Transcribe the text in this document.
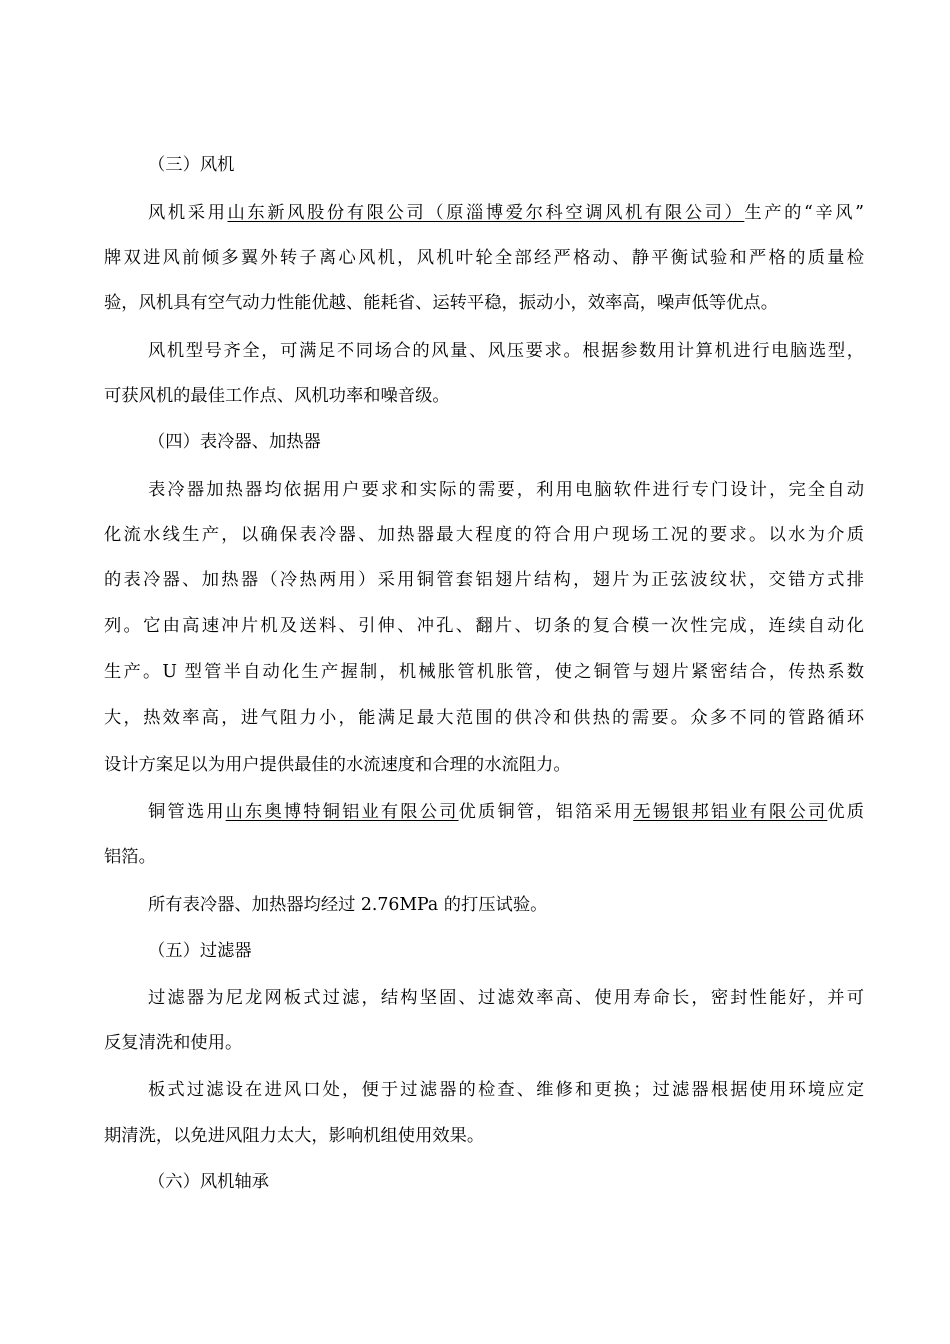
（三）风机
风机采用山东新风股份有限公司（原淄博爱尔科空调风机有限公司）生产的“辛风”
牌双进风前倾多翼外转子离心风机，风机叶轮全部经严格动、静平衡试验和严格的质量检
验，风机具有空气动力性能优越、能耗省、运转平稳，振动小，效率高，噪声低等优点。
风机型号齐全，可满足不同场合的风量、风压要求。根据参数用计算机进行电脑选型，
可获风机的最佳工作点、风机功率和噪音级。
（四）表冷器、加热器
表冷器加热器均依据用户要求和实际的需要，利用电脑软件进行专门设计，完全自动
化流水线生产，以确保表冷器、加热器最大程度的符合用户现场工况的要求。以水为介质
的表冷器、加热器（冷热两用）采用铜管套铝翅片结构，翅片为正弦波纹状，交错方式排
列。它由高速冲片机及送料、引伸、冲孔、翻片、切条的复合模一次性完成，连续自动化
生产。U 型管半自动化生产握制，机械胀管机胀管，使之铜管与翅片紧密结合，传热系数
大，热效率高，进气阻力小，能满足最大范围的供冷和供热的需要。众多不同的管路循环
设计方案足以为用户提供最佳的水流速度和合理的水流阻力。
铜管选用山东奥博特铜铝业有限公司优质铜管，铝箔采用无锡银邦铝业有限公司优质
铝箔。
所有表冷器、加热器均经过 2.76MPa 的打压试验。
（五）过滤器
过滤器为尼龙网板式过滤，结构坚固、过滤效率高、使用寿命长，密封性能好，并可
反复清洗和使用。
板式过滤设在进风口处，便于过滤器的检查、维修和更换；过滤器根据使用环境应定
期清洗，以免进风阻力太大，影响机组使用效果。
（六）风机轴承
